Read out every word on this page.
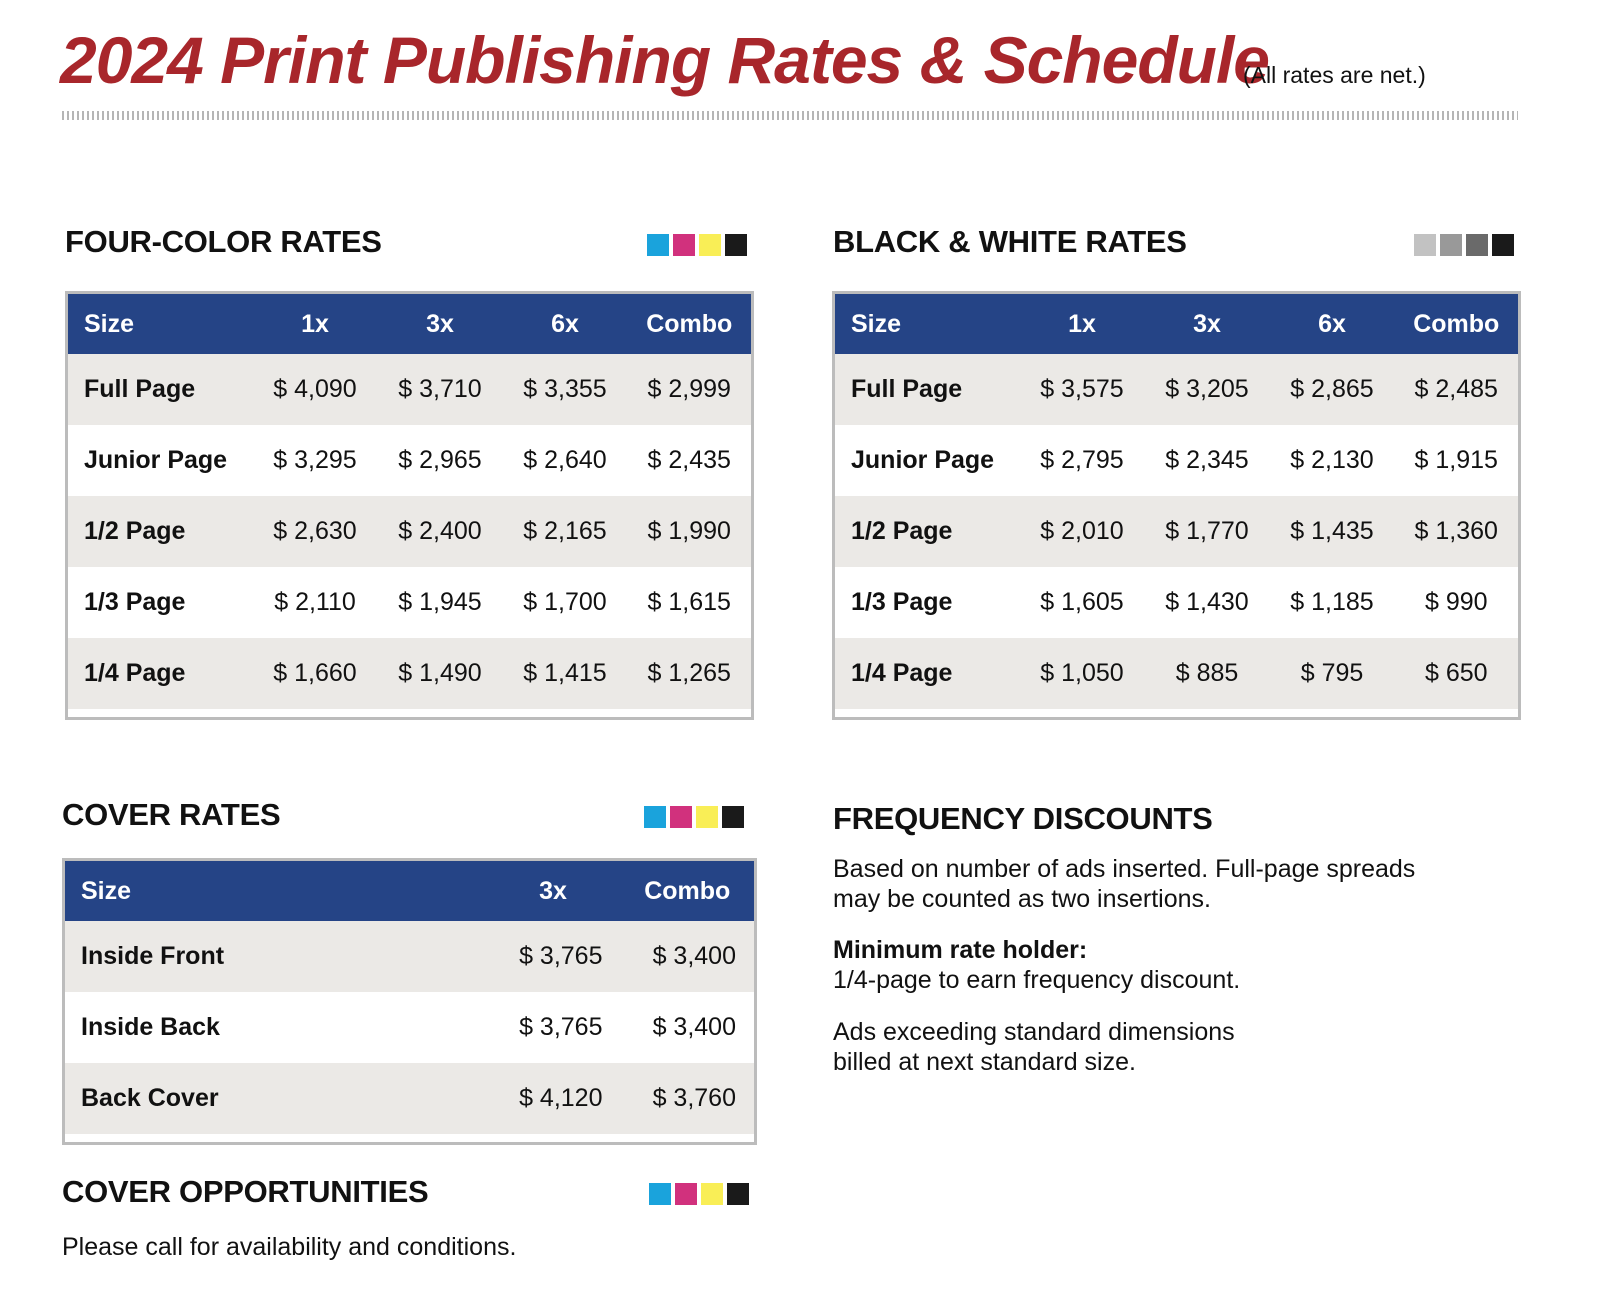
2024 Print Publishing Rates & Schedule
(All rates are net.)
FOUR-COLOR RATES
Size	1x	3x	6x	Combo
Full Page	$ 4,090	$ 3,710	$ 3,355	$ 2,999
Junior Page	$ 3,295	$ 2,965	$ 2,640	$ 2,435
1/2 Page	$ 2,630	$ 2,400	$ 2,165	$ 1,990
1/3 Page	$ 2,110	$ 1,945	$ 1,700	$ 1,615
1/4 Page	$ 1,660	$ 1,490	$ 1,415	$ 1,265

BLACK & WHITE RATES
Size	1x	3x	6x	Combo
Full Page	$ 3,575	$ 3,205	$ 2,865	$ 2,485
Junior Page	$ 2,795	$ 2,345	$ 2,130	$ 1,915
1/2 Page	$ 2,010	$ 1,770	$ 1,435	$ 1,360
1/3 Page	$ 1,605	$ 1,430	$ 1,185	$ 990
1/4 Page	$ 1,050	$ 885	$ 795	$ 650

COVER RATES
Size	3x	Combo
Inside Front	$ 3,765	$ 3,400
Inside Back	$ 3,765	$ 3,400
Back Cover	$ 4,120	$ 3,760

FREQUENCY DISCOUNTS

Based on number of ads inserted. Full-page spreads
may be counted as two insertions.

Minimum rate holder:
1/4-page to earn frequency discount.

Ads exceeding standard dimensions
billed at next standard size.

COVER OPPORTUNITIES

Please call for availability and conditions.
